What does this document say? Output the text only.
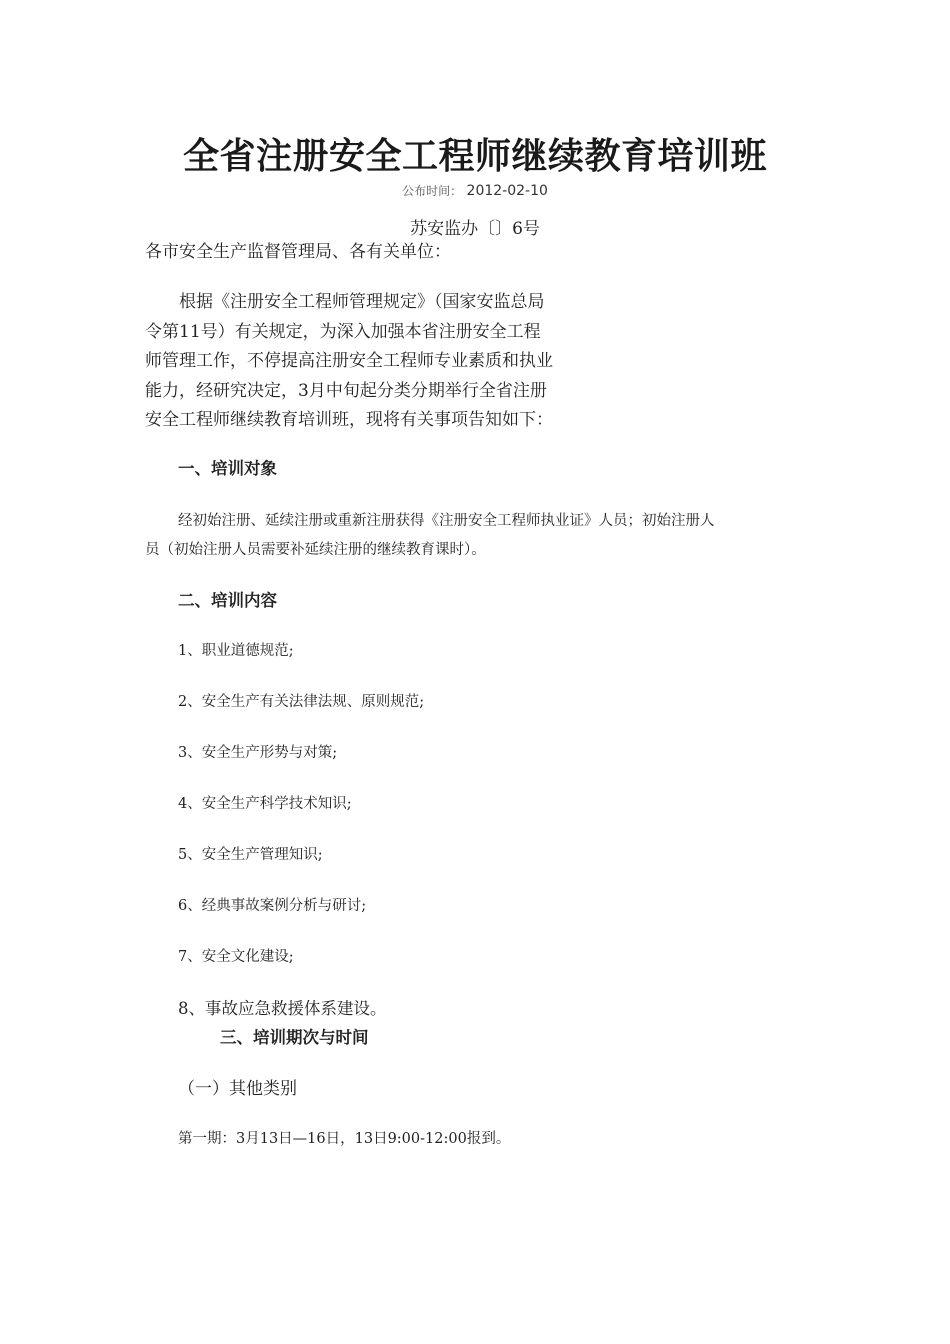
全省注册安全工程师继续教育培训班
公布时间： 2012-02-10
苏安监办〔〕6号
各市安全生产监督管理局、各有关单位：
根据《注册安全工程师管理规定》（国家安监总局
令第11号）有关规定，为深入加强本省注册安全工程
师管理工作，不停提高注册安全工程师专业素质和执业
能力，经研究决定，3月中旬起分类分期举行全省注册
安全工程师继续教育培训班，现将有关事项告知如下：
一、培训对象
经初始注册、延续注册或重新注册获得《注册安全工程师执业证》人员；初始注册人
员（初始注册人员需要补延续注册的继续教育课时）。
二、培训内容
1、职业道德规范;
2、安全生产有关法律法规、原则规范;
3、安全生产形势与对策;
4、安全生产科学技术知识;
5、安全生产管理知识;
6、经典事故案例分析与研讨;
7、安全文化建设;
8、事故应急救援体系建设。
三、培训期次与时间
（一）其他类别
第一期：3月13日—16日，13日9:00-12:00报到。
